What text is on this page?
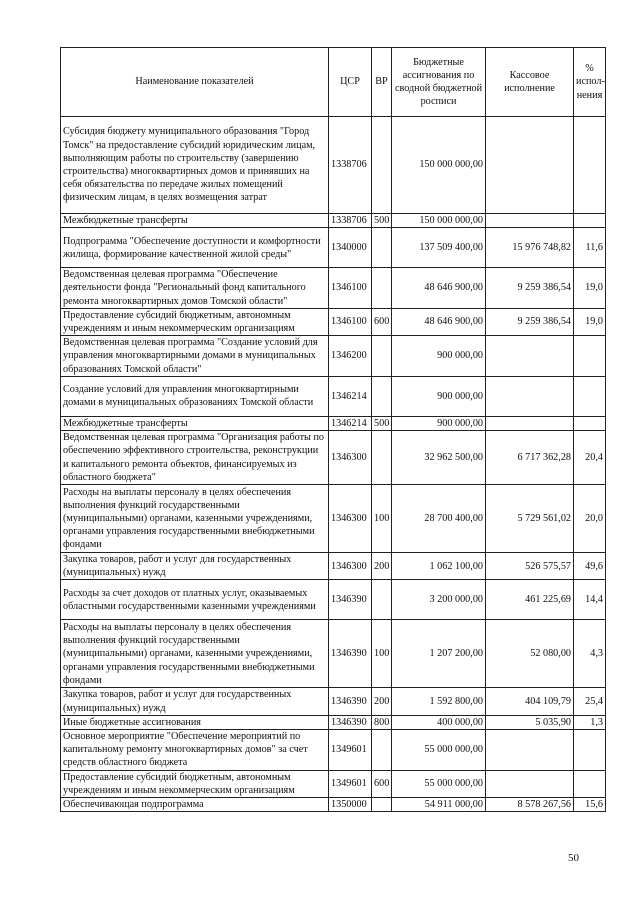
Наименование показателей	ЦСР	ВР	Бюджетные ассигнования по сводной бюджетной росписи	Кассовое исполнение	% испол-нения
Субсидия бюджету муниципального образования "Город Томск" на предоставление субсидий юридическим лицам, выполняющим работы по строительству (завершению строительства) многоквартирных домов и принявших на себя обязательства по передаче жилых помещений физическим лицам, в целях возмещения затрат	1338706		150 000 000,00		
Межбюджетные трансферты	1338706	500	150 000 000,00		
Подпрограмма "Обеспечение доступности и комфортности жилища, формирование качественной жилой среды"	1340000		137 509 400,00	15 976 748,82	11,6
Ведомственная целевая программа "Обеспечение деятельности фонда "Региональный фонд капитального ремонта многоквартирных домов Томской области"	1346100		48 646 900,00	9 259 386,54	19,0
Предоставление субсидий бюджетным, автономным учреждениям и иным некоммерческим организациям	1346100	600	48 646 900,00	9 259 386,54	19,0
Ведомственная целевая программа "Создание условий для управления многоквартирными домами в муниципальных образованиях Томской области"	1346200		900 000,00		
Создание условий для управления многоквартирными домами в муниципальных образованиях Томской области	1346214		900 000,00		
Межбюджетные трансферты	1346214	500	900 000,00		
Ведомственная целевая программа "Организация работы по обеспечению эффективного строительства, реконструкции и капитального ремонта объектов, финансируемых из областного бюджета"	1346300		32 962 500,00	6 717 362,28	20,4
Расходы на выплаты персоналу в целях обеспечения выполнения функций государственными (муниципальными) органами, казенными учреждениями, органами управления государственными внебюджетными фондами	1346300	100	28 700 400,00	5 729 561,02	20,0
Закупка товаров, работ и услуг для государственных (муниципальных) нужд	1346300	200	1 062 100,00	526 575,57	49,6
Расходы за счет доходов от платных услуг, оказываемых областными государственными казенными учреждениями	1346390		3 200 000,00	461 225,69	14,4
Расходы на выплаты персоналу в целях обеспечения выполнения функций государственными (муниципальными) органами, казенными учреждениями, органами управления государственными внебюджетными фондами	1346390	100	1 207 200,00	52 080,00	4,3
Закупка товаров, работ и услуг для государственных (муниципальных) нужд	1346390	200	1 592 800,00	404 109,79	25,4
Иные бюджетные ассигнования	1346390	800	400 000,00	5 035,90	1,3
Основное мероприятие "Обеспечение мероприятий по капитальному ремонту многоквартирных домов" за счет средств областного бюджета	1349601		55 000 000,00		
Предоставление субсидий бюджетным, автономным учреждениям и иным некоммерческим организациям	1349601	600	55 000 000,00		
Обеспечивающая подпрограмма	1350000		54 911 000,00	8 578 267,56	15,6
50
